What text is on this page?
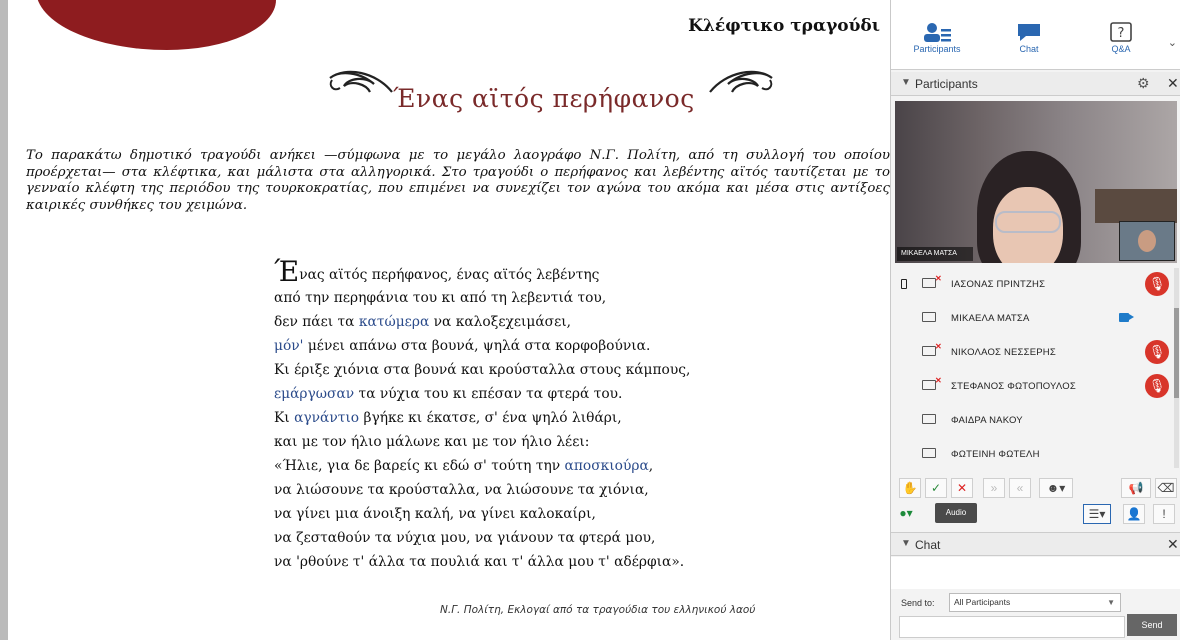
Κλέφτικο τραγούδι
Ένας αϊτός περήφανος
Το παρακάτω δημοτικό τραγούδι ανήκει —σύμφωνα με το μεγάλο λαογράφο Ν.Γ. Πολίτη, από τη συλλογή του οποίου προέρχεται— στα κλέφτικα, και μάλιστα στα αλληγορικά. Στο τραγούδι ο περήφανος και λεβέντης αϊτός ταυτίζεται με το γενναίο κλέφτη της περιόδου της τουρκοκρατίας, που επιμένει να συνεχίζει τον αγώνα του ακόμα και μέσα στις αντίξοες καιρικές συνθήκες του χειμώνα.
Ένας αϊτός περήφανος, ένας αϊτός λεβέντης
από την περηφάνια του κι από τη λεβεντιά του,
δεν πάει τα κατώμερα να καλοξεχειμάσει,
μόν' μένει απάνω στα βουνά, ψηλά στα κορφοβούνια.
Κι έριξε χιόνια στα βουνά και κρούσταλλα στους κάμπους,
εμάργωσαν τα νύχια του κι επέσαν τα φτερά του.
Κι αγνάντιο βγήκε κι έκατσε, σ' ένα ψηλό λιθάρι,
και με τον ήλιο μάλωνε και με τον ήλιο λέει:
«Ήλιε, για δε βαρείς κι εδώ σ' τούτη την αποσκιούρα,
να λιώσουνε τα κρούσταλλα, να λιώσουνε τα χιόνια,
να γίνει μια άνοιξη καλή, να γίνει καλοκαίρι,
να ζεσταθούν τα νύχια μου, να γιάνουν τα φτερά μου,
να 'ρθούνε τ' άλλα τα πουλιά και τ' άλλα μου τ' αδέρφια».
Ν.Γ. Πολίτη, Εκλογαί από τα τραγούδια του ελληνικού λαού
Participants	Chat
?
Q&A	⌄
▼ Participants	⚙ ✕
ΜΙΚΑΕΛΑ ΜΑΤΣΑ
✕
ΙΑΣΟΝΑΣ ΠΡΙΝΤΖΗΣ	🎙
ΜΙΚΑΕΛΑ ΜΑΤΣΑ
✕
ΝΙΚΟΛΑΟΣ ΝΕΣΣΕΡΗΣ	🎙
✕
ΣΤΕΦΑΝΟΣ ΦΩΤΟΠΟΥΛΟΣ	🎙
ΦΑΙΔΡΑ ΝΑΚΟΥ
ΦΩΤΕΙΝΗ ΦΩΤΕΛΗ
✋	✓	✕	»	«	☻▾	📢	⌫
●▾	Audio	☰▾	👤	!
▼ Chat	✕
Send to:	All Participants	▼
Send
